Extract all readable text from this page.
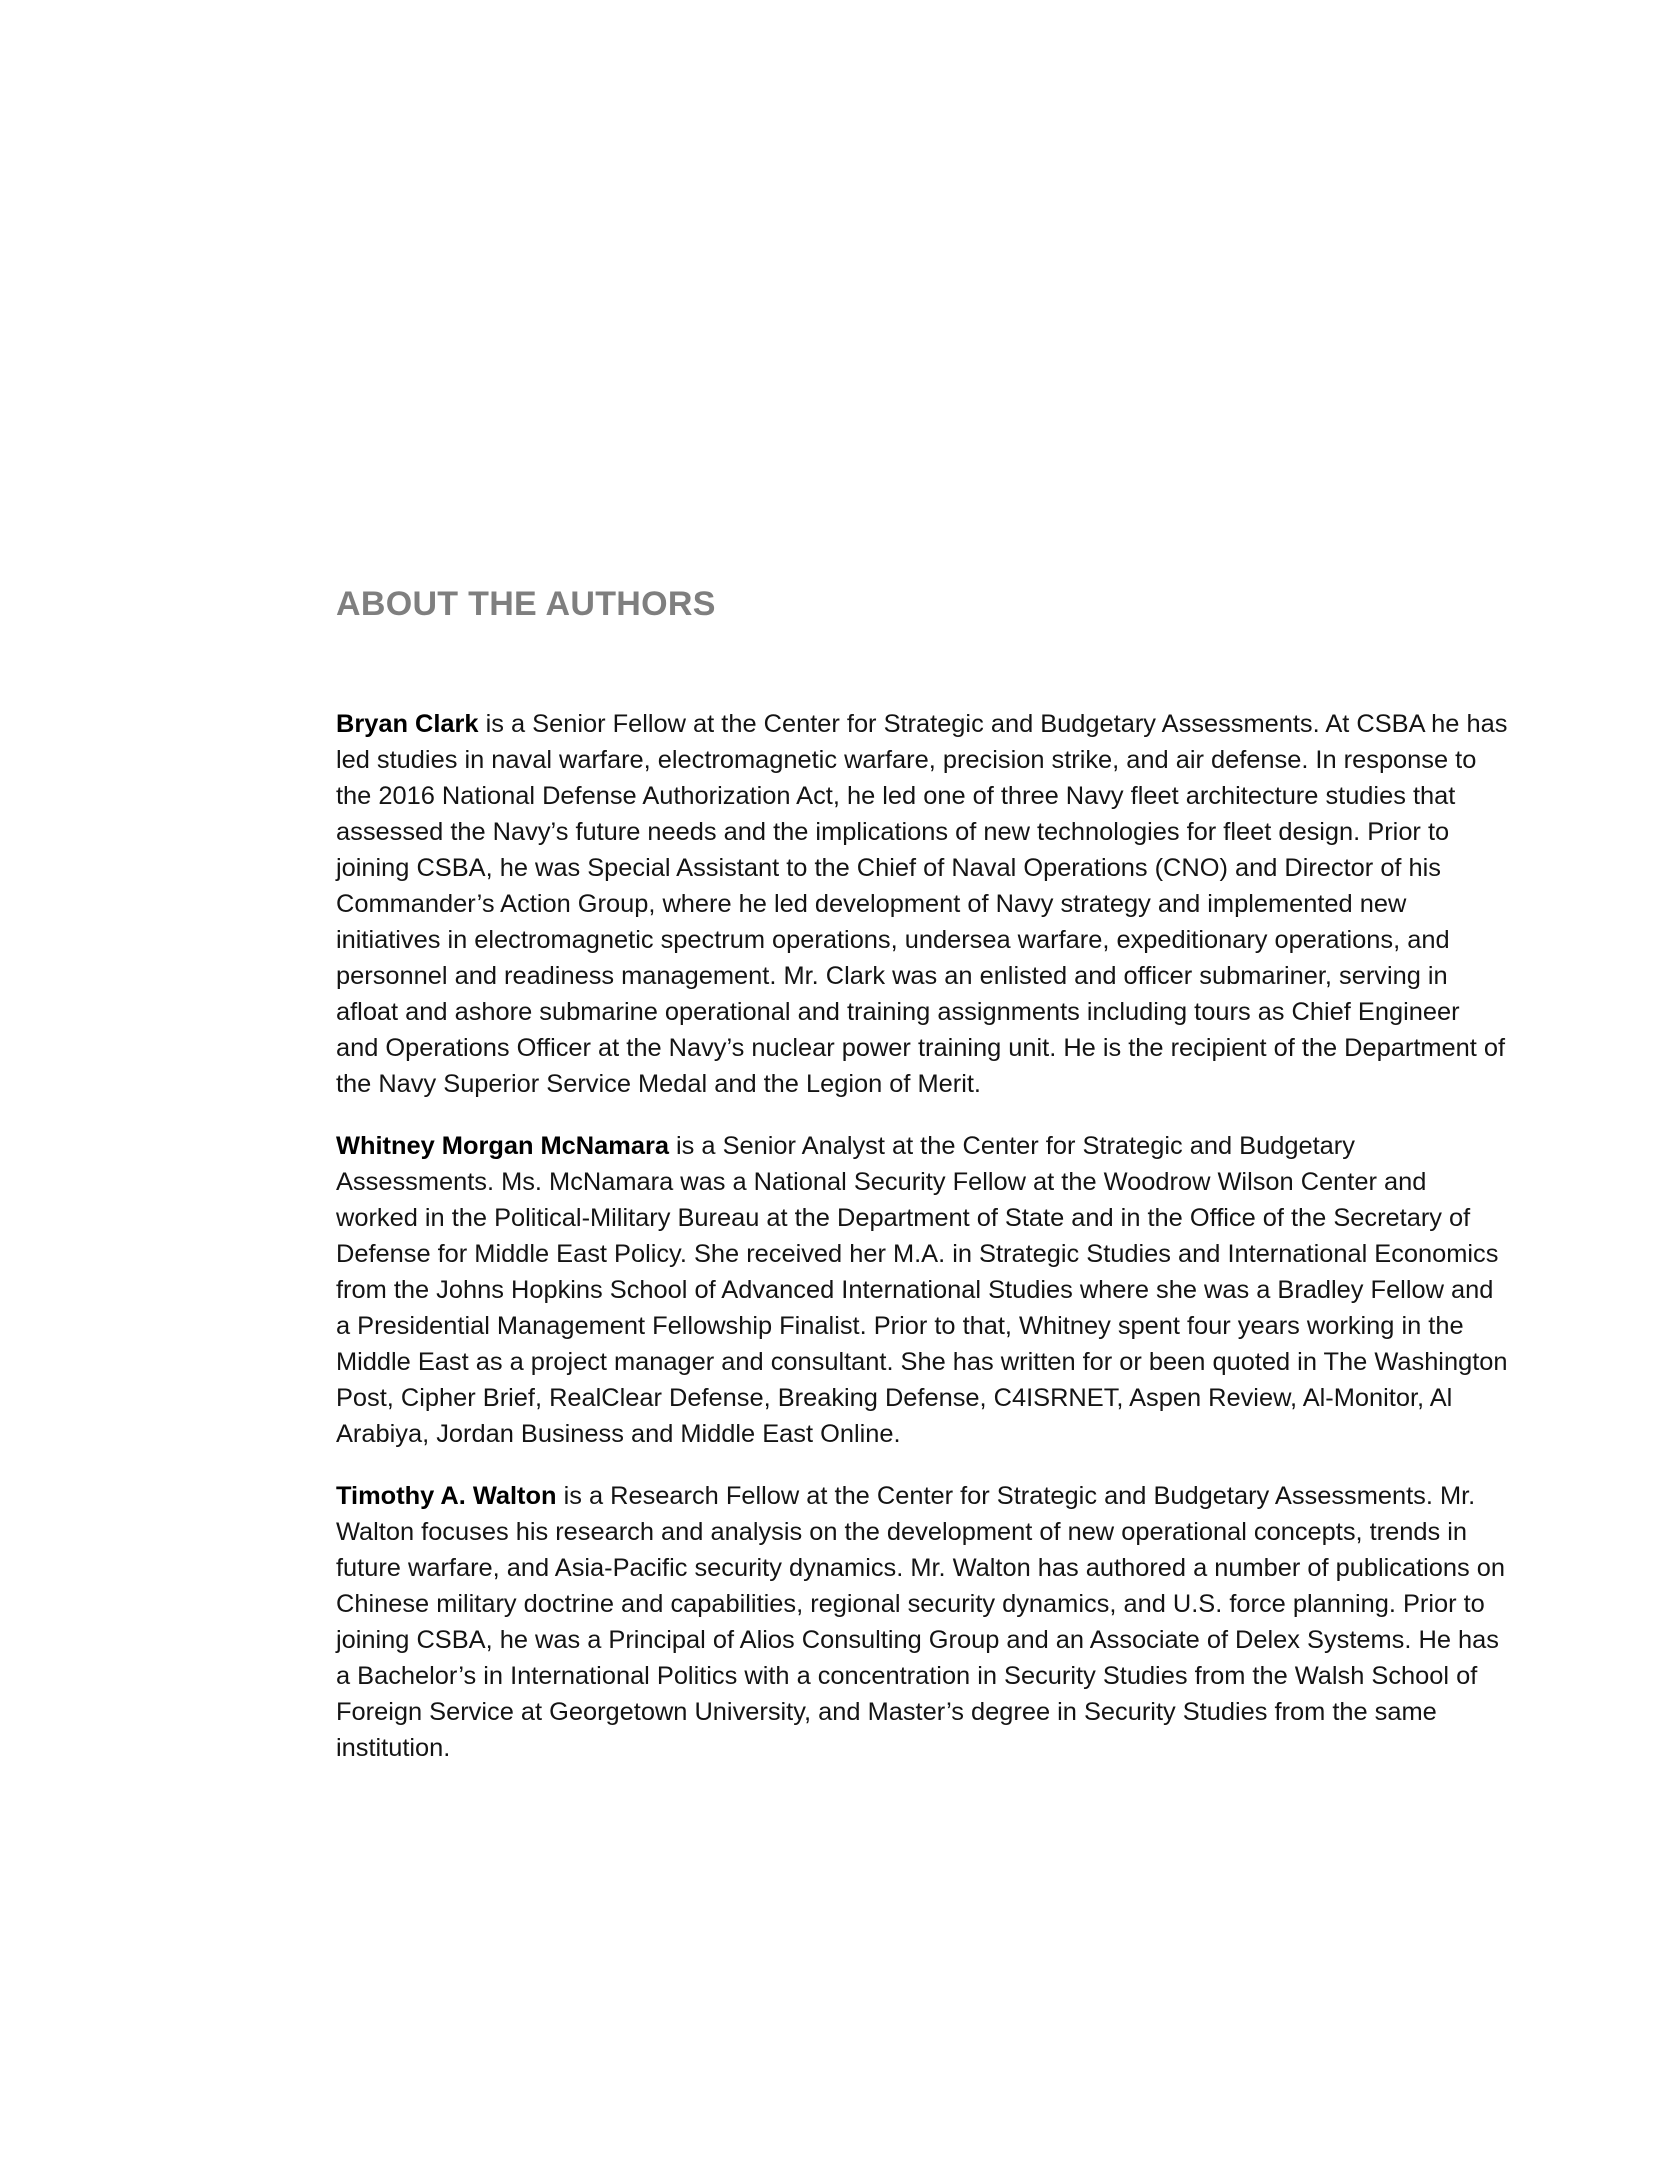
ABOUT THE AUTHORS

Bryan Clark is a Senior Fellow at the Center for Strategic and Budgetary Assessments. At CSBA he has led studies in naval warfare, electromagnetic warfare, precision strike, and air defense. In response to the 2016 National Defense Authorization Act, he led one of three Navy fleet architecture studies that assessed the Navy’s future needs and the implications of new technologies for fleet design. Prior to joining CSBA, he was Special Assistant to the Chief of Naval Operations (CNO) and Director of his Commander’s Action Group, where he led development of Navy strategy and implemented new initiatives in electromagnetic spectrum operations, undersea warfare, expeditionary operations, and personnel and readiness management. Mr. Clark was an enlisted and officer submariner, serving in afloat and ashore submarine operational and training assignments including tours as Chief Engineer and Operations Officer at the Navy’s nuclear power training unit. He is the recipient of the Department of the Navy Superior Service Medal and the Legion of Merit.

Whitney Morgan McNamara is a Senior Analyst at the Center for Strategic and Budgetary Assessments. Ms. McNamara was a National Security Fellow at the Woodrow Wilson Center and worked in the Political-Military Bureau at the Department of State and in the Office of the Secretary of Defense for Middle East Policy. She received her M.A. in Strategic Studies and International Economics from the Johns Hopkins School of Advanced International Studies where she was a Bradley Fellow and a Presidential Management Fellowship Finalist. Prior to that, Whitney spent four years working in the Middle East as a project manager and consultant. She has written for or been quoted in The Washington Post, Cipher Brief, RealClear Defense, Breaking Defense, C4ISRNET, Aspen Review, Al-Monitor, Al Arabiya, Jordan Business and Middle East Online.

Timothy A. Walton is a Research Fellow at the Center for Strategic and Budgetary Assessments. Mr. Walton focuses his research and analysis on the development of new operational concepts, trends in future warfare, and Asia-Pacific security dynamics. Mr. Walton has authored a number of publications on Chinese military doctrine and capabilities, regional security dynamics, and U.S. force planning. Prior to joining CSBA, he was a Principal of Alios Consulting Group and an Associate of Delex Systems. He has a Bachelor’s in International Politics with a concentration in Security Studies from the Walsh School of Foreign Service at Georgetown University, and Master’s degree in Security Studies from the same institution.
